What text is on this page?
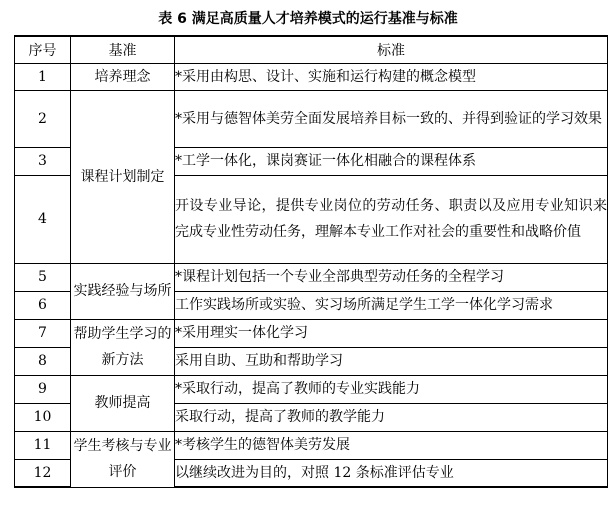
表 6 满足高质量人才培养模式的运行基准与标准
序号	基准	标准
1	培养理念	*采用由构思、设计、实施和运行构建的概念模型
2	课程计划制定	*采用与德智体美劳全面发展培养目标一致的、并得到验证的学习效果
3		*工学一体化，课岗赛证一体化相融合的课程体系
4		开设专业导论，提供专业岗位的劳动任务、职责以及应用专业知识来完成专业性劳动任务，理解本专业工作对社会的重要性和战略价值
5	实践经验与场所	*课程计划包括一个专业全部典型劳动任务的全程学习
6		工作实践场所或实验、实习场所满足学生工学一体化学习需求
7	帮助学生学习的新方法	*采用理实一体化学习
8		采用自助、互助和帮助学习
9	教师提高	*采取行动，提高了教师的专业实践能力
10		采取行动，提高了教师的教学能力
11	学生考核与专业评价	*考核学生的德智体美劳发展
12		以继续改进为目的，对照 12 条标准评估专业
